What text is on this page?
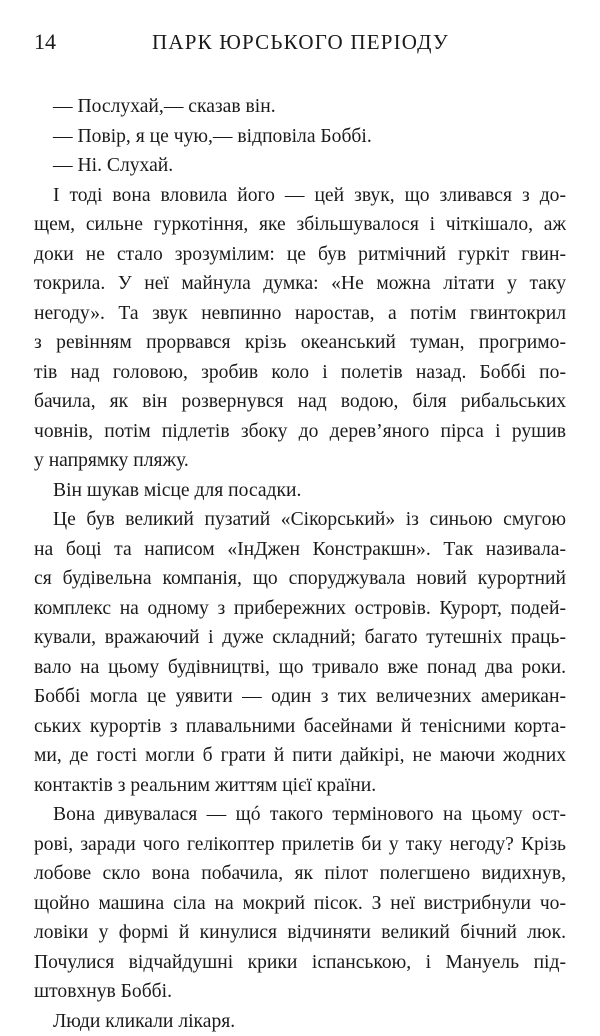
14	ПАРК ЮРСЬКОГО ПЕРІОДУ
— Послухай,— сказав він.
— Повір, я це чую,— відповіла Боббі.
— Ні. Слухай.
І тоді вона вловила його — цей звук, що зливався з до-
щем, сильне гуркотіння, яке збільшувалося і чіткішало, аж
доки не стало зрозумілим: це був ритмічний гуркіт гвин-
токрила. У неї майнула думка: «Не можна літати у таку
негоду». Та звук невпинно наростав, а потім гвинтокрил
з ревінням прорвався крізь океанський туман, прогримо-
тів над головою, зробив коло і полетів назад. Боббі по-
бачила, як він розвернувся над водою, біля рибальських
човнів, потім підлетів збоку до дерев’яного пірса і рушив
у напрямку пляжу.
Він шукав місце для посадки.
Це був великий пузатий «Сікорський» із синьою смугою
на боці та написом «ІнДжен Констракшн». Так називала-
ся будівельна компанія, що споруджувала новий курортний
комплекс на одному з прибережних островів. Курорт, подей-
кували, вражаючий і дуже складний; багато тутешніх праць-
вало на цьому будівництві, що тривало вже понад два роки.
Боббі могла це уявити — один з тих величезних американ-
ських курортів з плавальними басейнами й тенісними корта-
ми, де гості могли б грати й пити дайкірі, не маючи жодних
контактів з реальним життям цієї країни.
Вона дивувалася — щó такого термінового на цьому ост-
рові, заради чого гелікоптер прилетів би у таку негоду? Крізь
лобове скло вона побачила, як пілот полегшено видихнув,
щойно машина сіла на мокрий пісок. З неї вистрибнули чо-
ловіки у формі й кинулися відчиняти великий бічний люк.
Почулися відчайдушні крики іспанською, і Мануель під-
штовхнув Боббі.
Люди кликали лікаря.
